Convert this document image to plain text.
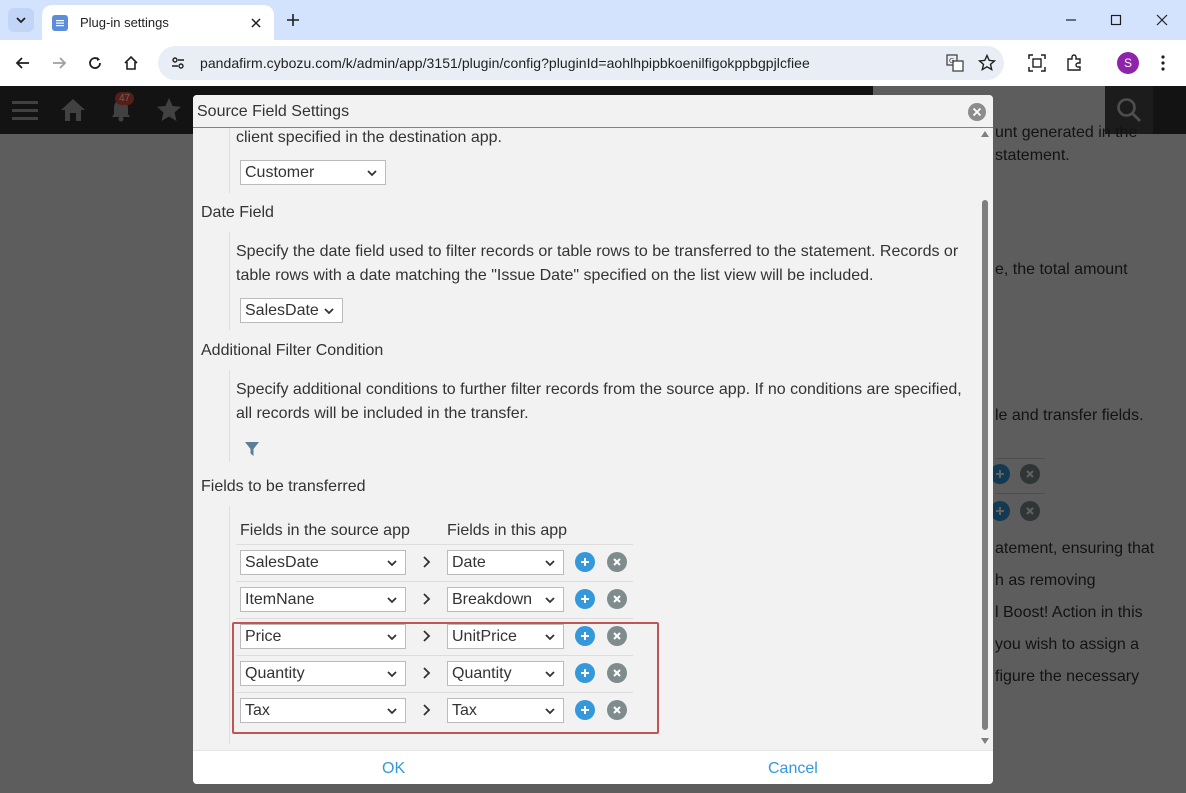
Plug-in settings
pandafirm.cybozu.com/k/admin/app/3151/plugin/config?pluginId=aohlhpipbkoenilfigokppbgpjlcfiee	G	S
Source Field Settings
client specified in the destination app.
Customer
Date Field
Specify the date field used to filter records or table rows to be transferred to the statement. Records or table rows with a date matching the "Issue Date" specified on the list view will be included.
SalesDate
Additional Filter Condition
Specify additional conditions to further filter records from the source app. If no conditions are specified, all records will be included in the transfer.
Fields to be transferred
Fields in the source app Fields in this app
SalesDate	Date
ItemNane	Breakdown
Price	UnitPrice
Quantity	Quantity
Tax	Tax
OK	Cancel
